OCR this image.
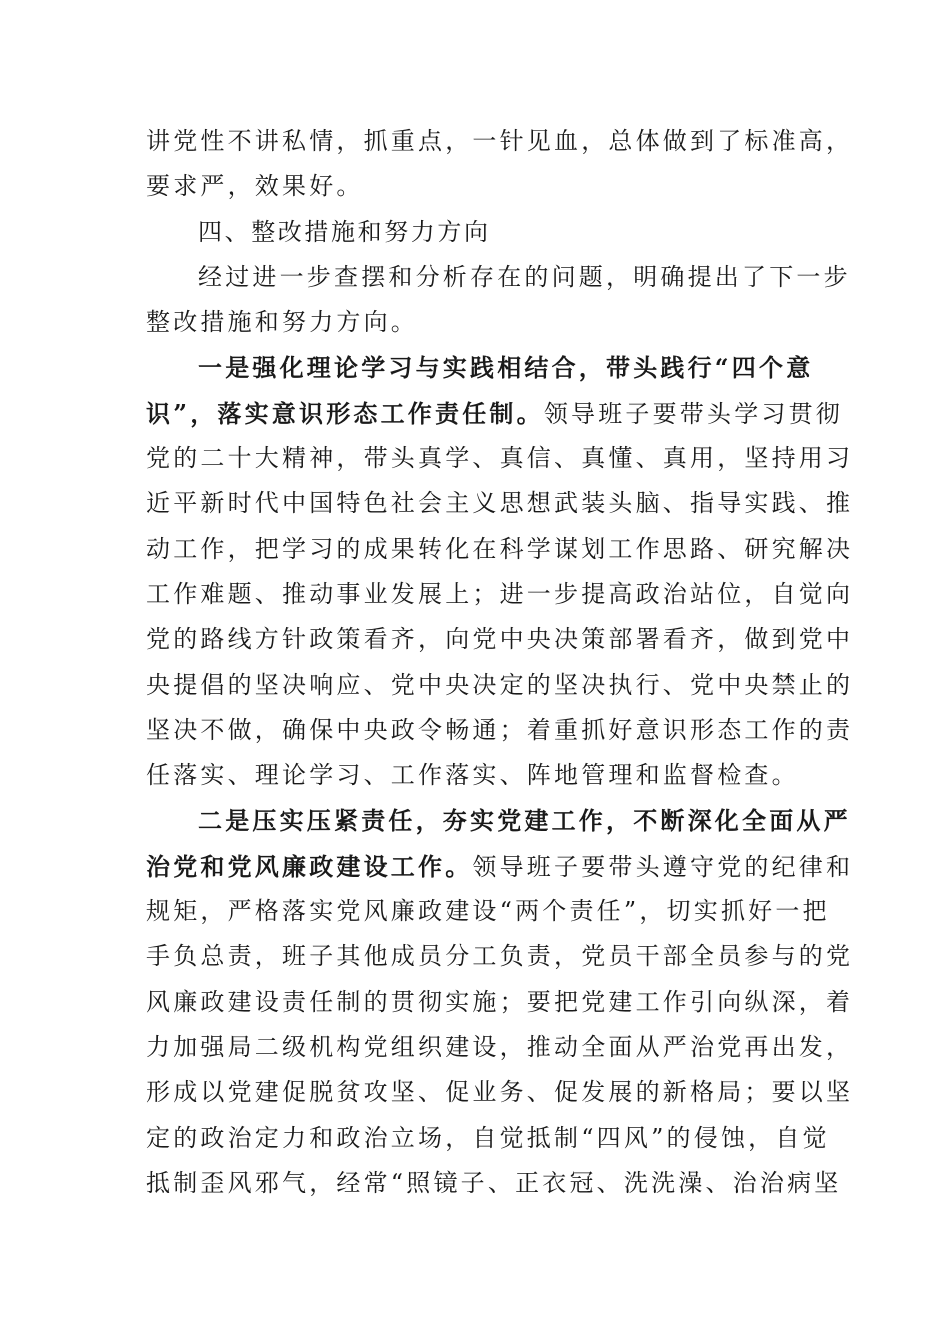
讲党性不讲私情，抓重点，一针见血，总体做到了标准高，
要求严，效果好。
四、整改措施和努力方向
经过进一步查摆和分析存在的问题，明确提出了下一步
整改措施和努力方向。
一是强化理论学习与实践相结合，带头践行“四个意
识”，落实意识形态工作责任制。领导班子要带头学习贯彻
党的二十大精神，带头真学、真信、真懂、真用，坚持用习
近平新时代中国特色社会主义思想武装头脑、指导实践、推
动工作，把学习的成果转化在科学谋划工作思路、研究解决
工作难题、推动事业发展上；进一步提高政治站位，自觉向
党的路线方针政策看齐，向党中央决策部署看齐，做到党中
央提倡的坚决响应、党中央决定的坚决执行、党中央禁止的
坚决不做，确保中央政令畅通；着重抓好意识形态工作的责
任落实、理论学习、工作落实、阵地管理和监督检查。
二是压实压紧责任，夯实党建工作，不断深化全面从严
治党和党风廉政建设工作。领导班子要带头遵守党的纪律和
规矩，严格落实党风廉政建设“两个责任”，切实抓好一把
手负总责，班子其他成员分工负责，党员干部全员参与的党
风廉政建设责任制的贯彻实施；要把党建工作引向纵深，着
力加强局二级机构党组织建设，推动全面从严治党再出发，
形成以党建促脱贫攻坚、促业务、促发展的新格局；要以坚
定的政治定力和政治立场，自觉抵制“四风”的侵蚀，自觉
抵制歪风邪气，经常“照镜子、正衣冠、洗洗澡、治治病坚
